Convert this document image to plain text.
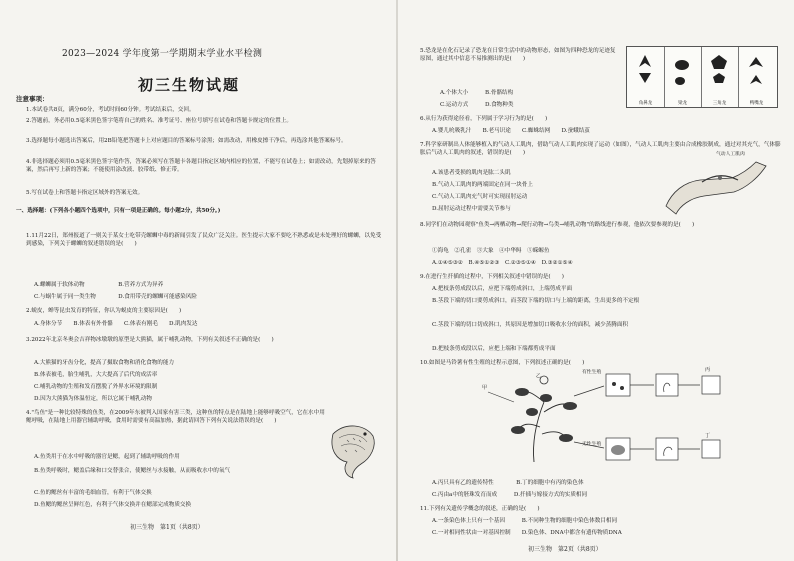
2023—2024 学年度第一学期期末学业水平检测
初三生物试题
注意事项：
1.本试卷共8页，满分60分，考试时间60分钟。考试结束后，交回。
2.答题前，务必用0.5毫米黑色签字笔将自己的姓名、准考证号、座位号填写在试卷和答题卡规定的位置上。
3.选择题每小题选出答案后，用2B铅笔把答题卡上对应题目的答案标号涂黑；如需改动，用橡皮擦干净后，再选涂其他答案标号。
4.非选择题必须用0.5毫米黑色签字笔作答，答案必须写在答题卡各题目指定区域内相应的位置，不能写在试卷上；如需改动，先划掉原来的答案，然后再写上新的答案；不能使用涂改液、胶带纸、修正带。
5.写在试卷上和答题卡指定区域外的答案无效。
一、选择题：(下列各小题四个选项中，只有一项是正确的。每小题2分，共50分。)
1.11月22日，郑州报道了一则关于某女士吃带壳螺蛳中毒的新闻引发了民众广泛关注。医生提示大家不要吃不熟悉或是未处理好的螺蛳，以免受到感染，下列关于螺蛳的叙述错误的是(　　)
A.螺蛳属于软体动物　　　　　　B.营养方式为异养
C.与蜗牛属于同一类生物　　　　D.食用带壳的螺蛳可能感染风险
2.蜕皮，蝉等昆虫发育的特征，你认为蜕皮的主要原因是(　　)
A.身体分节　　B.体表有外骨骼　　C.体表有刚毛　　D.肌肉发达
3.2022年北京冬奥会吉祥物冰墩墩的原型是大熊猫，属于哺乳动物，下列有关叙述不正确的是(　　)
A.大熊猫的牙齿分化，提高了摄取食物和消化食物的能力
B.体表被毛，胎生哺乳，大大提高了后代的成活率
C.哺乳动物的生殖和发育摆脱了外界水环境的限制
D.因为大熊猫为体温恒定，所以它属于哺乳动物
4."鸟鱼"是一种比较特殊的鱼类，在2009年东被判入国家有害三类，这种鱼的特点是在陆地上能够呼吸空气，它在水中用鳃呼吸，在陆地上用器官辅助呼吸，食用时需要有高温加热，据此请回答下列有关说法错误的是(　　)
A.鱼类用于在水中呼吸的器官是鳃，起到了辅助呼吸的作用
B.鱼类呼吸时，鳃盖后缘和口交替张合，使鳃丝与水接触，从而吸收水中的氧气
C.鱼的鳃丝有丰富的毛细血管，有利于气体交换
D.鱼鳃的鳃丝呈鲜红色，有利于气体交换并在鳃部完成物质交换
初三生物　第1页（共8页）
5.恐龙是在化石记录了恐龙在日常生活中的动物形态，如图为四种恐龙的足迹复原图，通过其中信息不易推测出的是(　　)
A.个体大小　　　B.骨骼结构
C.运动方式　　　D.食物种类	角鼻龙	梁龙	三角龙	鸭嘴龙
6.从行为获得途径看，下列属于学习行为的是(　　)
A.婴儿吮吸乳汁　　B.老马识途　　C.蜘蛛结网　　D.蚕蛾结茧
7.科学家研制出人体能够植入的气动人工肌肉，借助气动人工肌肉实现了运动（如图），气动人工肌肉主要由合成橡胶制成，通过对其充气，气体膨胀后气动人工肌肉的叙述，错误的是(　　)
A.该患者受损的肌肉是肱二头肌
B.气动人工肌肉的两端固定在同一块骨上
C.气动人工肌肉充气时可实现屈肘运动
D.屈肘运动过程中需要关节参与
气动人工肌肉
8.同学们在动物园观察"鱼类→两栖动物→爬行动物→鸟类→哺乳动物"的路线进行参观，他依次要参观的是(　　)
①海龟　②孔雀　③大象　④中华鲟　⑤蝾螈鱼
A.①④⑤③②　B.④⑤①②③　C.②③⑤①④　D.③②①⑤④
9.在进行生扦插的过程中，下列相关叙述中错误的是(　　)
A.把枝条剪成段以后，应把下端剪成斜口，上端剪成平面
B.茎段下端的切口要剪成斜口，而茎段下端的切口与上端的距离，生出更多的不定根
C.茎段下端的切口切成斜口，其原因是增加切口吸收水分的面积，减少蒸腾面积
D.把枝条剪成段以后，应把上端和下端都剪成平面
10.如图是马铃薯有性生殖的过程示意图，下列叙述正确的是(　　)
甲
丙
丁
乙
有性生殖
无性生殖
A.丙只具有乙的遗传特性　　　　B.丁的细胞中有丙的染色体
C.丙由a中的胚珠发育而成　　　D.扦插与嫁接方式的实质相同
11.下列有关遗传学概念的叙述，正确的是(　　)
A.一条染色体上只有一个基因　　　B.不同种生物的细胞中染色体数目相同
C.一对相同性状由一对基因控制　　D.染色体、DNA中都含有遗传物质DNA
初三生物　第2页（共8页）
